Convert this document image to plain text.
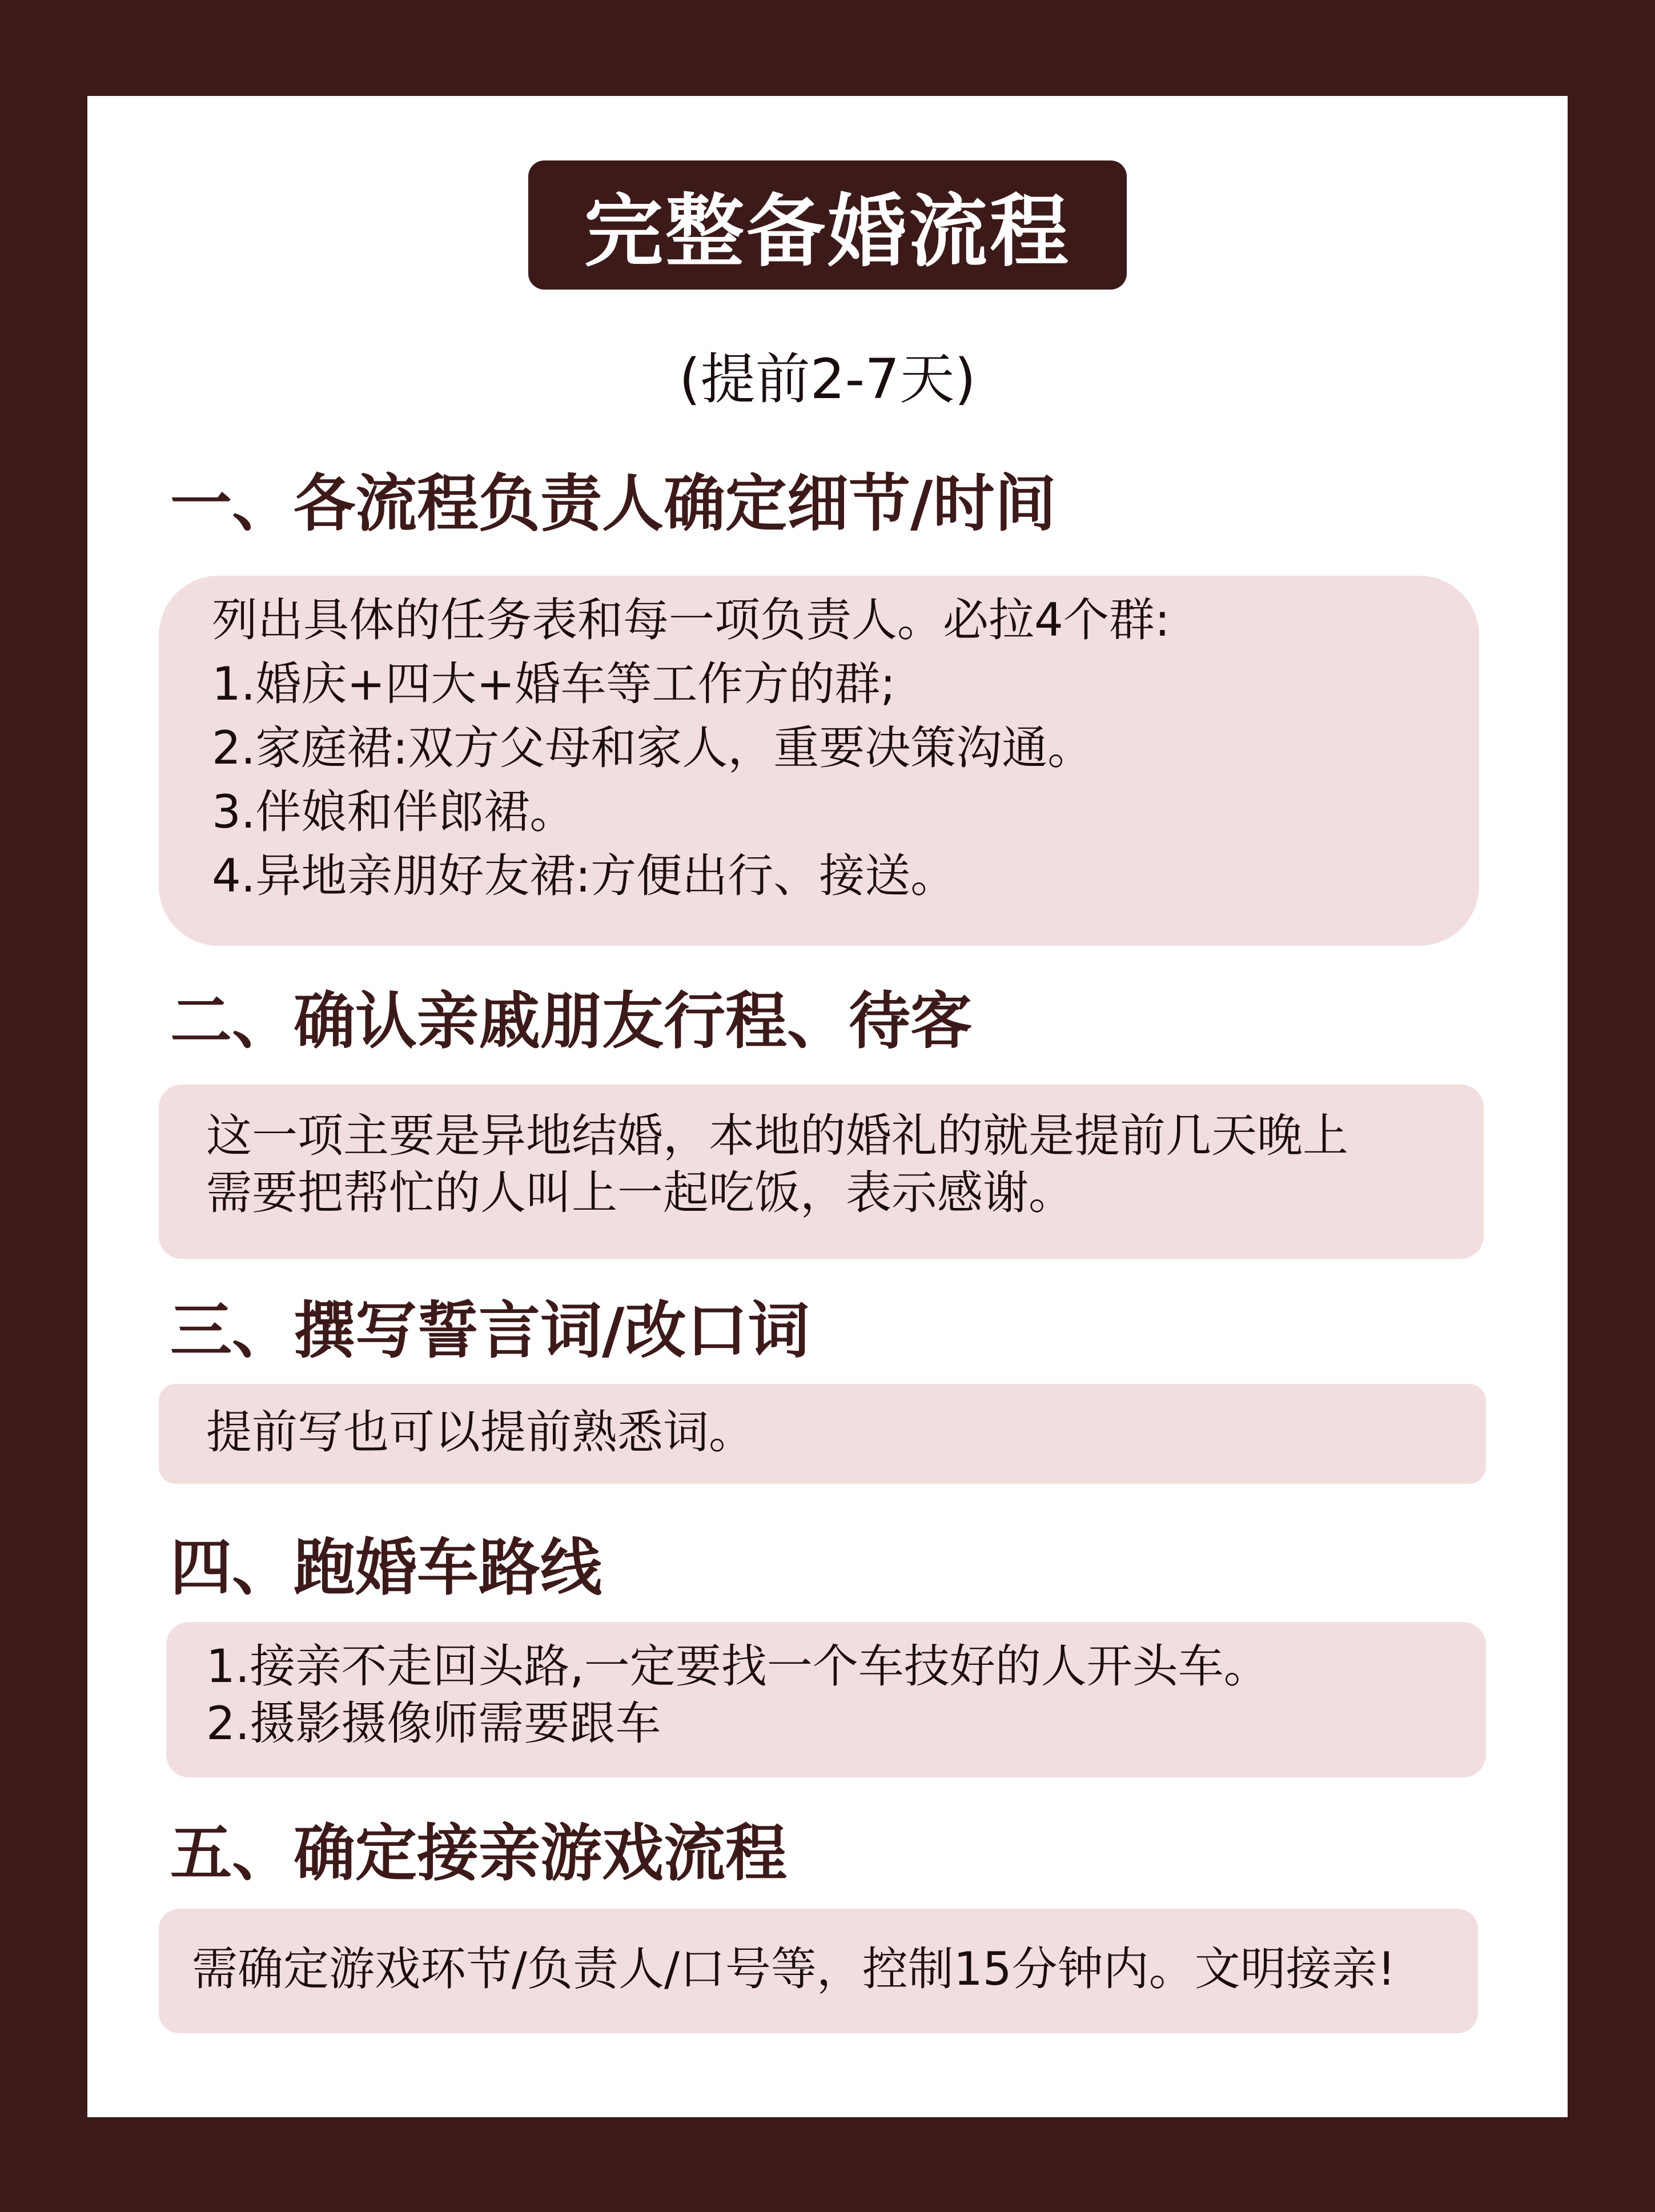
完整备婚流程
(提前2-7天)
一、各流程负责人确定细节/时间
列出具体的任务表和每一项负责人。必拉4个群:
1.婚庆+四大+婚车等工作方的群;
2.家庭裙:双方父母和家人，重要决策沟通。
3.伴娘和伴郎裙。
4.异地亲朋好友裙:方便出行、接送。
二、确认亲戚朋友行程、待客
这一项主要是异地结婚，本地的婚礼的就是提前几天晚上
需要把帮忙的人叫上一起吃饭，表示感谢。
三、撰写誓言词/改口词
提前写也可以提前熟悉词。
四、跑婚车路线
1.接亲不走回头路,一定要找一个车技好的人开头车。
2.摄影摄像师需要跟车
五、确定接亲游戏流程
需确定游戏环节/负责人/口号等，控制15分钟内。文明接亲!
